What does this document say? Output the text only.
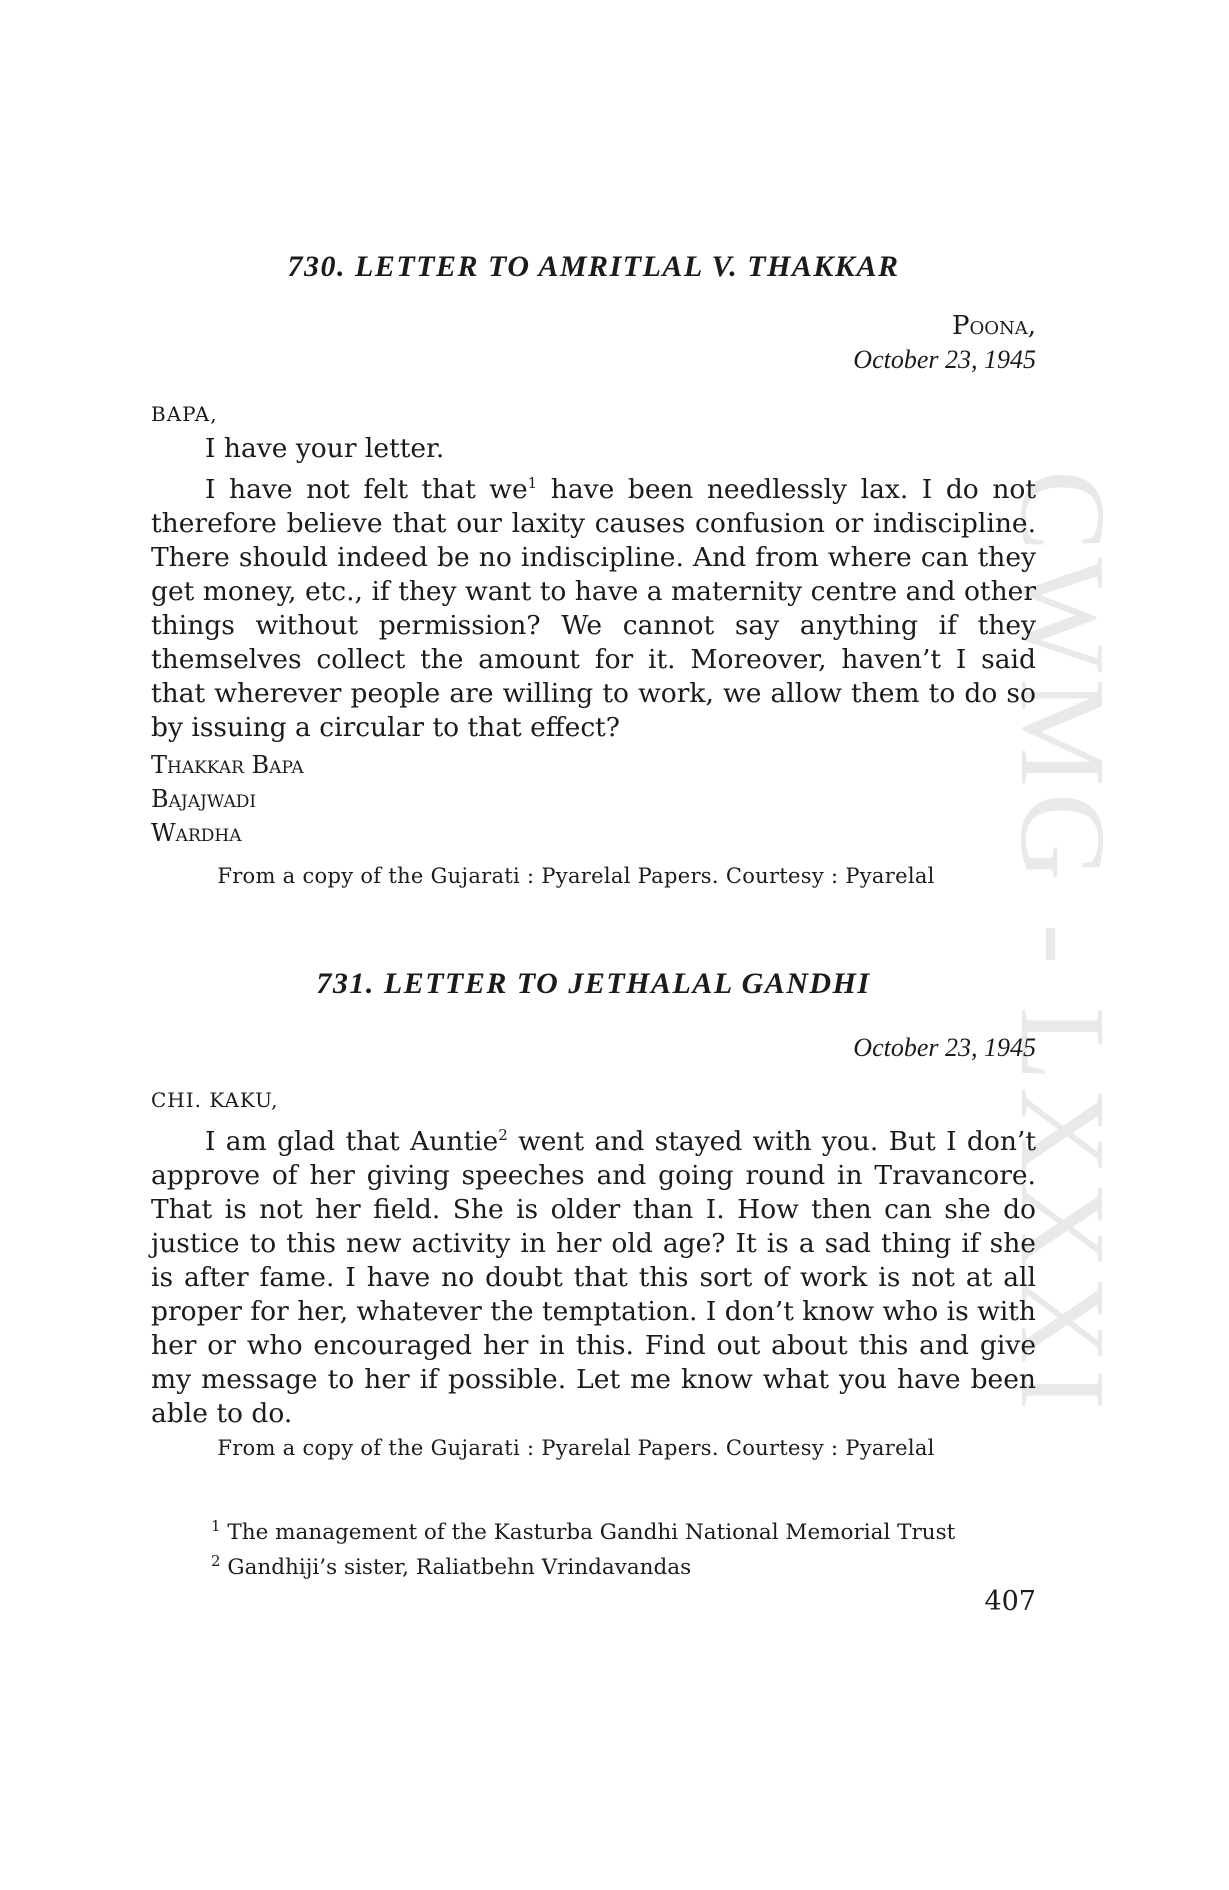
CWMG - LXXXI
730. LETTER TO AMRITLAL V. THAKKAR

Poona,

October 23, 1945

BAPA,

I have your letter.

I have not felt that $we^1$ have been needlessly lax. I do not therefore believe that our laxity causes confusion or indiscipline. There should indeed be no indiscipline. And from where can they get money, etc., if they want to have a maternity centre and other things without permission? We cannot say anything if they themselves collect the amount for it. Moreover, haven’t I said that wherever people are willing to work, we allow them to do so by issuing a circular to that effect?

Thakkar Bapa

Bajajwadi

Wardha

From a copy of the Gujarati : Pyarelal Papers. Courtesy : Pyarelal

731. LETTER TO JETHALAL GANDHI

October 23, 1945

CHI. KAKU,

I am glad that Auntie$^2$ went and stayed with you. But I don’t approve of her giving speeches and going round in Travancore. That is not her field. She is older than I. How then can she do justice to this new activity in her old age? It is a sad thing if she is after fame. I have no doubt that this sort of work is not at all proper for her, whatever the temptation. I don’t know who is with her or who encouraged her in this. Find out about this and give my message to her if possible. Let me know what you have been able to do.

From a copy of the Gujarati : Pyarelal Papers. Courtesy : Pyarelal

$^1$ The management of the Kasturba Gandhi National Memorial Trust

$^2$ Gandhiji’s sister, Raliatbehn Vrindavandas

407
